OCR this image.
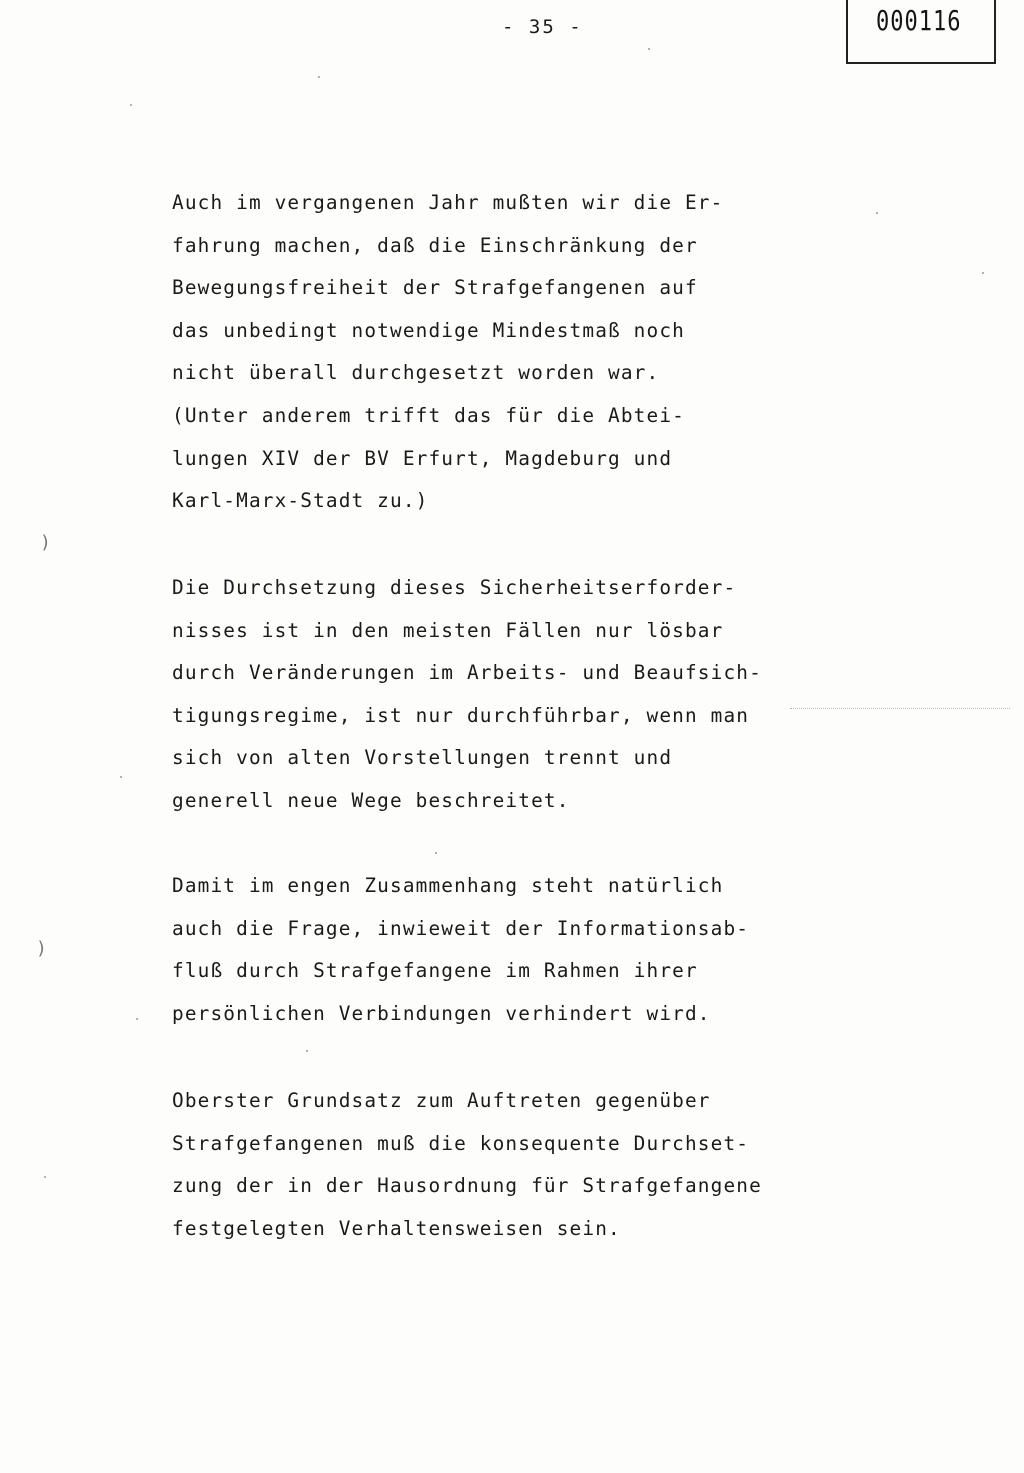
- 35 -	000116
Auch im vergangenen Jahr mußten wir die Er-
fahrung machen, daß die Einschränkung der
Bewegungsfreiheit der Strafgefangenen auf
das unbedingt notwendige Mindestmaß noch
nicht überall durchgesetzt worden war.
(Unter anderem trifft das für die Abtei-
lungen XIV der BV Erfurt, Magdeburg und
Karl-Marx-Stadt zu.)
Die Durchsetzung dieses Sicherheitserforder-
nisses ist in den meisten Fällen nur lösbar
durch Veränderungen im Arbeits- und Beaufsich-
tigungsregime, ist nur durchführbar, wenn man
sich von alten Vorstellungen trennt und
generell neue Wege beschreitet.
Damit im engen Zusammenhang steht natürlich
auch die Frage, inwieweit der Informationsab-
fluß durch Strafgefangene im Rahmen ihrer
persönlichen Verbindungen verhindert wird.
Oberster Grundsatz zum Auftreten gegenüber
Strafgefangenen muß die konsequente Durchset-
zung der in der Hausordnung für Strafgefangene
festgelegten Verhaltensweisen sein.
)
)
